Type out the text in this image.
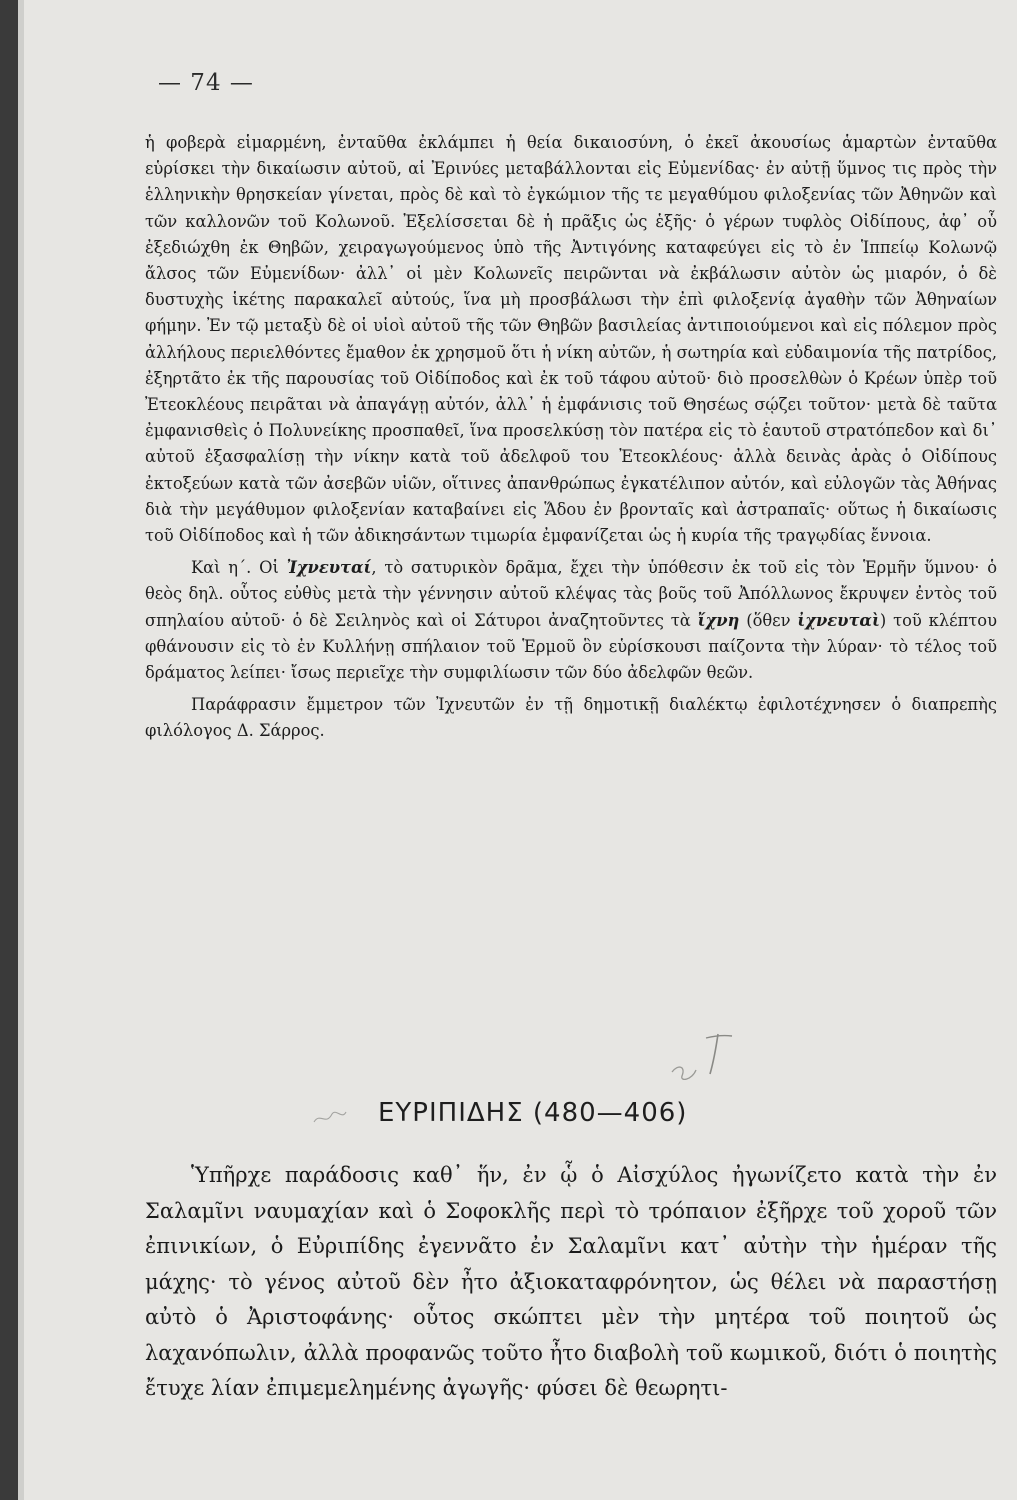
— 74 —

ἡ φοβερὰ εἱμαρμένη, ἐνταῦθα ἐκλάμπει ἡ θεία δικαιοσύνη, ὁ ἐκεῖ ἀκουσίως ἁμαρτὼν ἐνταῦθα εὑρίσκει τὴν δικαίωσιν αὐτοῦ, αἱ Ἐρινύες μεταβάλλονται εἰς Εὐμενίδας· ἐν αὐτῇ ὕμνος τις πρὸς τὴν ἑλληνικὴν θρησκείαν γίνεται, πρὸς δὲ καὶ τὸ ἐγκώμιον τῆς τε μεγαθύμου φιλοξενίας τῶν Ἀθηνῶν καὶ τῶν καλλονῶν τοῦ Κολωνοῦ. Ἐξελίσσεται δὲ ἡ πρᾶξις ὡς ἑξῆς· ὁ γέρων τυφλὸς Οἰδίπους, ἀφ᾽ οὗ ἐξεδιώχθη ἐκ Θηβῶν, χειραγωγούμενος ὑπὸ τῆς Ἀντιγόνης καταφεύγει εἰς τὸ ἐν Ἱππείῳ Κολωνῷ ἄλσος τῶν Εὐμενίδων· ἀλλ᾽ οἱ μὲν Κολωνεῖς πειρῶνται νὰ ἐκβάλωσιν αὐτὸν ὡς μιαρόν, ὁ δὲ δυστυχὴς ἱκέτης παρακαλεῖ αὐτούς, ἵνα μὴ προσβάλωσι τὴν ἐπὶ φιλοξενίᾳ ἀγαθὴν τῶν Ἀθηναίων φήμην. Ἐν τῷ μεταξὺ δὲ οἱ υἱοὶ αὐτοῦ τῆς τῶν Θηβῶν βασιλείας ἀντιποιούμενοι καὶ εἰς πόλεμον πρὸς ἀλλήλους περιελθόντες ἔμαθον ἐκ χρησμοῦ ὅτι ἡ νίκη αὐτῶν, ἡ σωτηρία καὶ εὐδαιμονία τῆς πατρίδος, ἐξηρτᾶτο ἐκ τῆς παρουσίας τοῦ Οἰδίποδος καὶ ἐκ τοῦ τάφου αὐτοῦ· διὸ προσελθὼν ὁ Κρέων ὑπὲρ τοῦ Ἐτεοκλέους πειρᾶται νὰ ἀπαγάγῃ αὐτόν, ἀλλ᾽ ἡ ἐμφάνισις τοῦ Θησέως σῴζει τοῦτον· μετὰ δὲ ταῦτα ἐμφανισθεὶς ὁ Πολυνείκης προσπαθεῖ, ἵνα προσελκύσῃ τὸν πατέρα εἰς τὸ ἑαυτοῦ στρατόπεδον καὶ δι᾽ αὐτοῦ ἐξασφαλίσῃ τὴν νίκην κατὰ τοῦ ἀδελφοῦ του Ἐτεοκλέους· ἀλλὰ δεινὰς ἀρὰς ὁ Οἰδίπους ἐκτοξεύων κατὰ τῶν ἀσεβῶν υἱῶν, οἵτινες ἀπανθρώπως ἐγκατέλιπον αὐτόν, καὶ εὐλογῶν τὰς Ἀθήνας διὰ τὴν μεγάθυμον φιλοξενίαν καταβαίνει εἰς Ἅδου ἐν βρονταῖς καὶ ἀστραπαῖς· οὕτως ἡ δικαίωσις τοῦ Οἰδίποδος καὶ ἡ τῶν ἀδικησάντων τιμωρία ἐμφανίζεται ὡς ἡ κυρία τῆς τραγῳδίας ἔννοια.

Καὶ η´. Οἱ Ἰχνευταί, τὸ σατυρικὸν δρᾶμα, ἔχει τὴν ὑπόθεσιν ἐκ τοῦ εἰς τὸν Ἑρμῆν ὕμνου· ὁ θεὸς δηλ. οὗτος εὐθὺς μετὰ τὴν γέννησιν αὐτοῦ κλέψας τὰς βοῦς τοῦ Ἀπόλλωνος ἔκρυψεν ἐντὸς τοῦ σπηλαίου αὐτοῦ· ὁ δὲ Σειληνὸς καὶ οἱ Σάτυροι ἀναζητοῦντες τὰ ἴχνη (ὅθεν ἰχνευταὶ) τοῦ κλέπτου φθάνουσιν εἰς τὸ ἐν Κυλλήνῃ σπήλαιον τοῦ Ἑρμοῦ ὃν εὑρίσκουσι παίζοντα τὴν λύραν· τὸ τέλος τοῦ δράματος λείπει· ἴσως περιεῖχε τὴν συμφιλίωσιν τῶν δύο ἀδελφῶν θεῶν.

Παράφρασιν ἔμμετρον τῶν Ἰχνευτῶν ἐν τῇ δημοτικῇ διαλέκτῳ ἐφιλοτέχνησεν ὁ διαπρεπὴς φιλόλογος Δ. Σάρρος.

ΕΥΡΙΠΙΔΗΣ (480—406)

Ὑπῆρχε παράδοσις καθ᾽ ἥν, ἐν ᾧ ὁ Αἰσχύλος ἠγωνίζετο κατὰ τὴν ἐν Σαλαμῖνι ναυμαχίαν καὶ ὁ Σοφοκλῆς περὶ τὸ τρόπαιον ἐξῆρχε τοῦ χοροῦ τῶν ἐπινικίων, ὁ Εὐριπίδης ἐγεννᾶτο ἐν Σαλαμῖνι κατ᾽ αὐτὴν τὴν ἡμέραν τῆς μάχης· τὸ γένος αὐτοῦ δὲν ἦτο ἀξιοκαταφρόνητον, ὡς θέλει νὰ παραστήσῃ αὐτὸ ὁ Ἀριστοφάνης· οὗτος σκώπτει μὲν τὴν μητέρα τοῦ ποιητοῦ ὡς λαχανόπωλιν, ἀλλὰ προφανῶς τοῦτο ἦτο διαβολὴ τοῦ κωμικοῦ, διότι ὁ ποιητὴς ἔτυχε λίαν ἐπιμεμελημένης ἀγωγῆς· φύσει δὲ θεωρητι-
